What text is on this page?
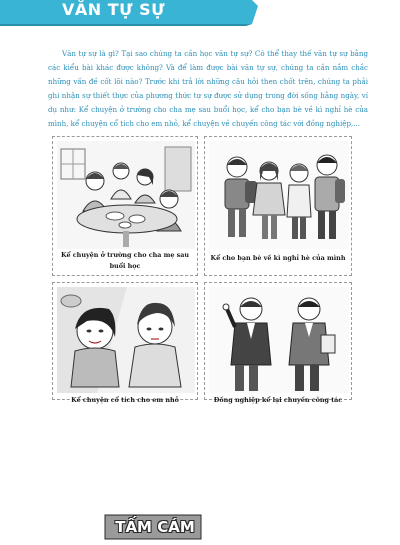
VĂN TỰ SỰ
Văn tự sự là gì? Tại sao chúng ta cần học văn tự sự? Có thể thay thế văn tự sự bằng các kiểu bài khác được không? Và để làm được bài văn tự sự, chúng ta cần nắm chắc những vấn đề cốt lõi nào? Trước khi trả lời những câu hỏi then chốt trên, chúng ta phải ghi nhận sự thiết thực của phương thức tự sự được sử dụng trong đời sống hằng ngày, ví dụ như: Kể chuyện ở trường cho cha mẹ sau buổi học, kể cho bạn bè về kì nghỉ hè của mình, kể chuyện cổ tích cho em nhỏ, kể chuyện về chuyến công tác với đồng nghiệp,...
Kể chuyện ở trường cho cha mẹ sau buổi học
Kể cho bạn bè về kì nghỉ hè của mình
TẤM CÁM
Kể chuyện cổ tích cho em nhỏ	Đồng nghiệp kể lại chuyến công tác
